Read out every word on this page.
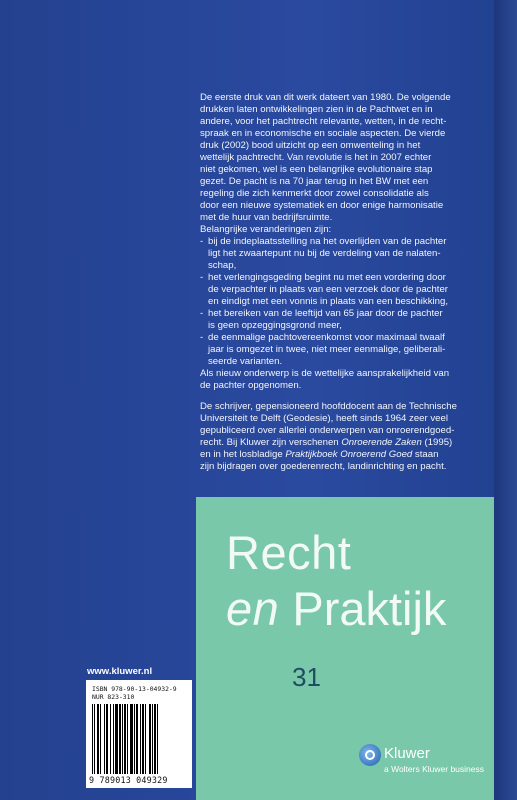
De eerste druk van dit werk dateert van 1980. De volgende

drukken laten ontwikkelingen zien in de Pachtwet en in

andere, voor het pachtrecht relevante, wetten, in de recht-

spraak en in economische en sociale aspecten. De vierde

druk (2002) bood uitzicht op een omwenteling in het

wettelijk pachtrecht. Van revolutie is het in 2007 echter

niet gekomen, wel is een belangrijke evolutionaire stap

gezet. De pacht is na 70 jaar terug in het BW met een

regeling die zich kenmerkt door zowel consolidatie als

door een nieuwe systematiek en door enige harmonisatie

met de huur van bedrijfsruimte.

Belangrijke veranderingen zijn:

- bij de indeplaatsstelling na het overlijden van de pachter

ligt het zwaartepunt nu bij de verdeling van de nalaten-

schap,

- het verlengingsgeding begint nu met een vordering door

de verpachter in plaats van een verzoek door de pachter

en eindigt met een vonnis in plaats van een beschikking,

- het bereiken van de leeftijd van 65 jaar door de pachter

is geen opzeggingsgrond meer,

- de eenmalige pachtovereenkomst voor maximaal twaalf

jaar is omgezet in twee, niet meer eenmalige, geliberali-

seerde varianten.

Als nieuw onderwerp is de wettelijke aansprakelijkheid van

de pachter opgenomen.

De schrijver, gepensioneerd hoofddocent aan de Technische

Universiteit te Delft (Geodesie), heeft sinds 1964 zeer veel

gepubliceerd over allerlei onderwerpen van onroerendgoed-

recht. Bij Kluwer zijn verschenen Onroerende Zaken (1995)

en in het losbladige Praktijkboek Onroerend Goed staan

zijn bijdragen over goederenrecht, landinrichting en pacht.

Recht
en Praktijk
31
www.kluwer.nl
ISBN 978-90-13-04932-9
NUR 823-310
9 789013 049329
Kluwer
a Wolters Kluwer business
